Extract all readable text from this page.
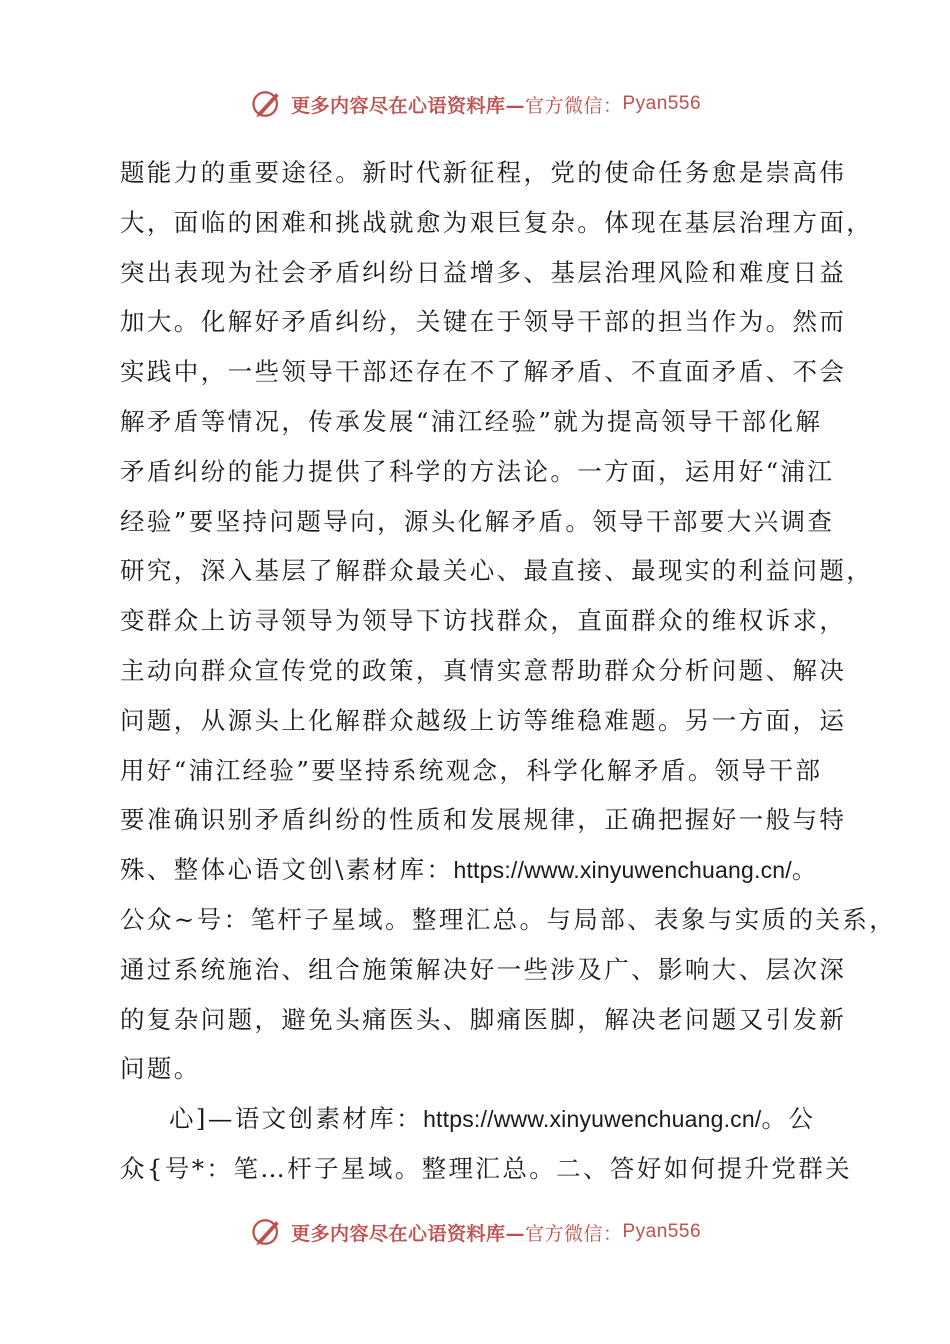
更多内容尽在心语资料库— 官方微信： Pyan556
题能力的重要途径。新时代新征程，党的使命任务愈是崇高伟
大，面临的困难和挑战就愈为艰巨复杂。体现在基层治理方面，
突出表现为社会矛盾纠纷日益增多、基层治理风险和难度日益
加大。化解好矛盾纠纷，关键在于领导干部的担当作为。然而
实践中，一些领导干部还存在不了解矛盾、不直面矛盾、不会
解矛盾等情况，传承发展“浦江经验”就为提高领导干部化解
矛盾纠纷的能力提供了科学的方法论。一方面，运用好“浦江
经验”要坚持问题导向，源头化解矛盾。领导干部要大兴调查
研究，深入基层了解群众最关心、最直接、最现实的利益问题，
变群众上访寻领导为领导下访找群众，直面群众的维权诉求，
主动向群众宣传党的政策，真情实意帮助群众分析问题、解决
问题，从源头上化解群众越级上访等维稳难题。另一方面，运
用好“浦江经验”要坚持系统观念，科学化解矛盾。领导干部
要准确识别矛盾纠纷的性质和发展规律，正确把握好一般与特
殊、整体心语文创\素材库：https://www.xinyuwenchuang.cn/。
公众~号：笔杆子星域。整理汇总。与局部、表象与实质的关系，
通过系统施治、组合施策解决好一些涉及广、影响大、层次深
的复杂问题，避免头痛医头、脚痛医脚，解决老问题又引发新
问题。
心]—语文创素材库：https://www.xinyuwenchuang.cn/。公
众{号*：笔…杆子星域。整理汇总。二、答好如何提升党群关
更多内容尽在心语资料库— 官方微信： Pyan556
